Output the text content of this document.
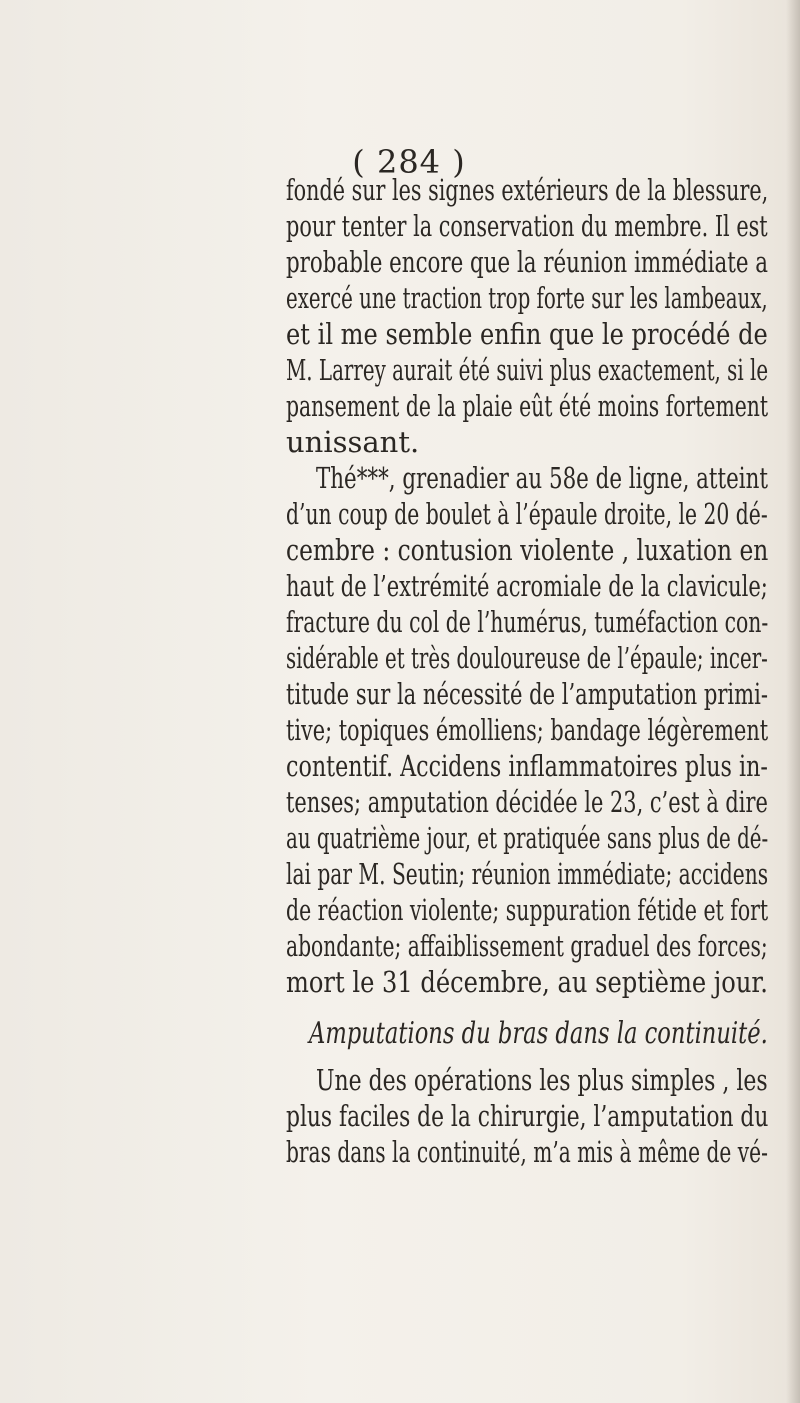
( 284 )
fondé sur les signes extérieurs de la blessure,
pour tenter la conservation du membre. Il est
probable encore que la réunion immédiate a
exercé une traction trop forte sur les lambeaux,
et il me semble enfin que le procédé de
M. Larrey aurait été suivi plus exactement, si le
pansement de la plaie eût été moins fortement
unissant.
Thé***, grenadier au 58e de ligne, atteint
d’un coup de boulet à l’épaule droite, le 20 dé-
cembre : contusion violente , luxation en
haut de l’extrémité acromiale de la clavicule;
fracture du col de l’humérus, tuméfaction con-
sidérable et très douloureuse de l’épaule; incer-
titude sur la nécessité de l’amputation primi-
tive; topiques émolliens; bandage légèrement
contentif. Accidens inflammatoires plus in-
tenses; amputation décidée le 23, c’est à dire
au quatrième jour, et pratiquée sans plus de dé-
lai par M. Seutin; réunion immédiate; accidens
de réaction violente; suppuration fétide et fort
abondante; affaiblissement graduel des forces;
mort le 31 décembre, au septième jour.
Amputations du bras dans la continuité.
Une des opérations les plus simples , les
plus faciles de la chirurgie, l’amputation du
bras dans la continuité, m’a mis à même de vé-
